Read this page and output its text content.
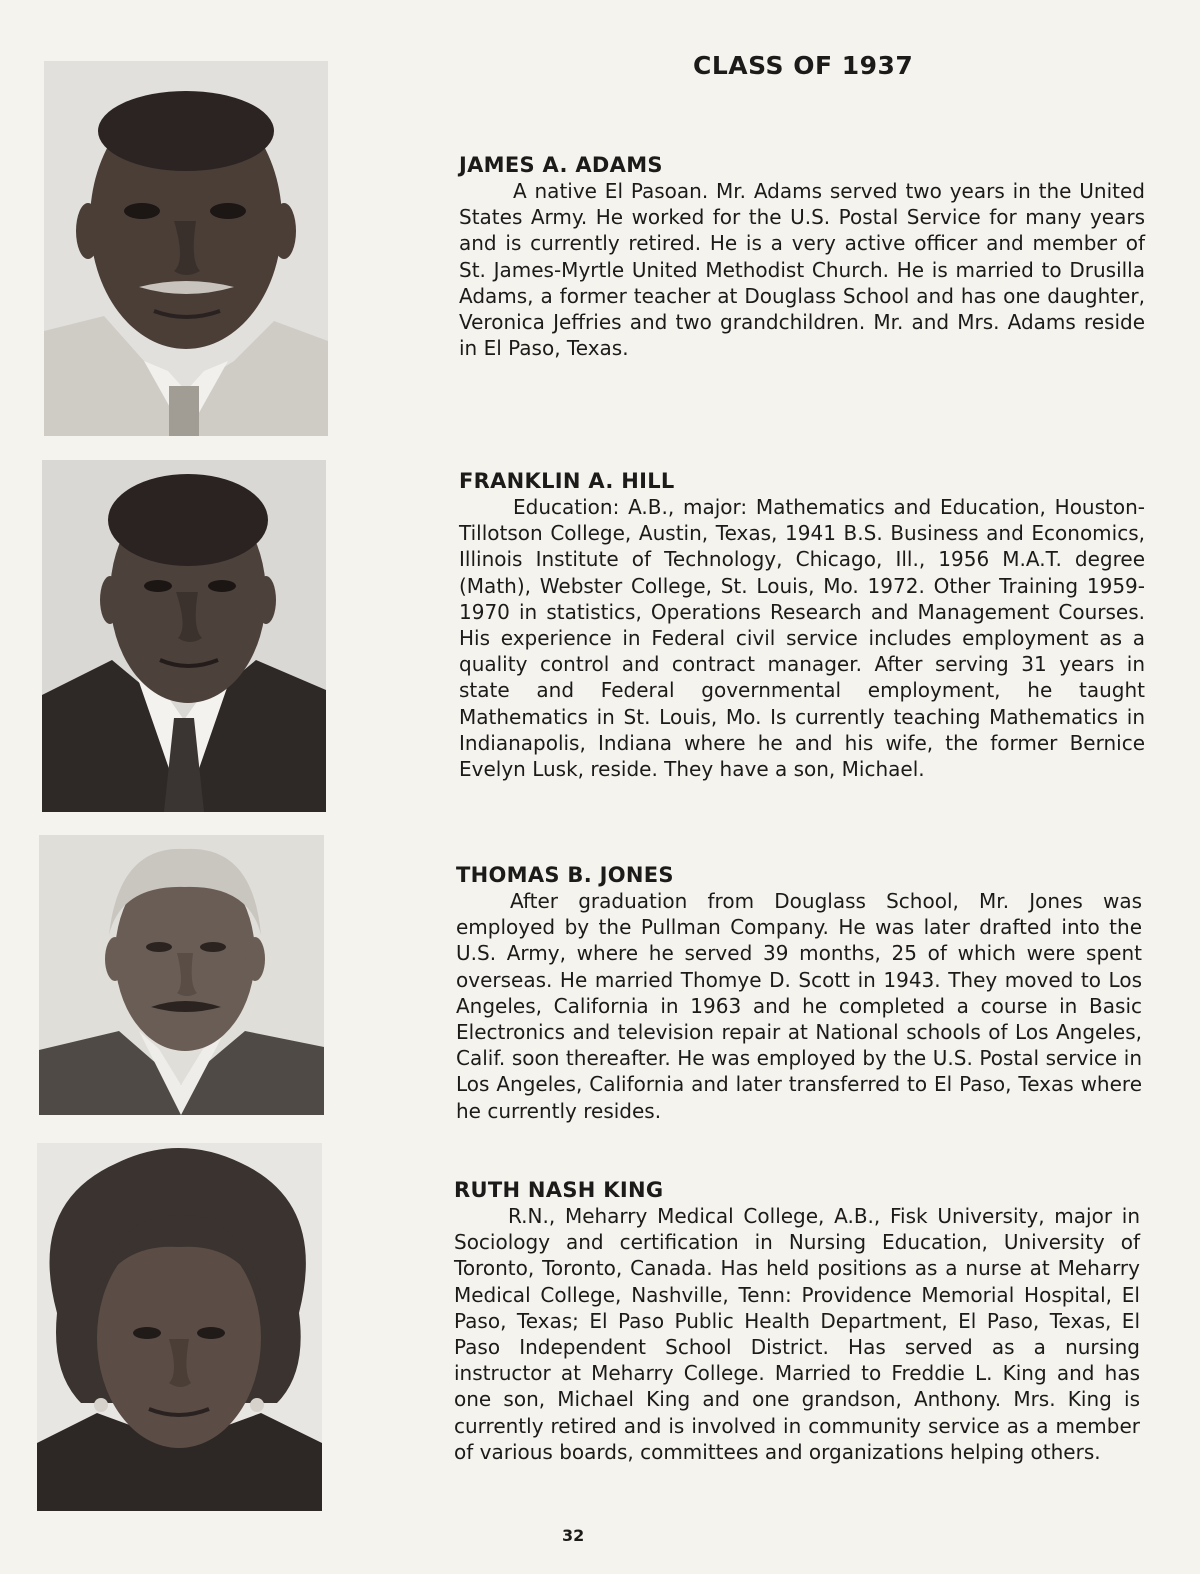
CLASS OF 1937
JAMES A. ADAMS

A native El Pasoan. Mr. Adams served two years in the United States Army. He worked for the U.S. Postal Service for many years and is currently retired. He is a very active officer and member of St. James-Myrtle United Methodist Church. He is married to Drusilla Adams, a former teacher at Douglass School and has one daughter, Veronica Jeffries and two grandchildren. Mr. and Mrs. Adams reside in El Paso, Texas.

FRANKLIN A. HILL

Education: A.B., major: Mathematics and Education, Houston-Tillotson College, Austin, Texas, 1941 B.S. Business and Economics, Illinois Institute of Technology, Chicago, Ill., 1956 M.A.T. degree (Math), Webster College, St. Louis, Mo. 1972. Other Training 1959-1970 in statistics, Operations Research and Management Courses. His experience in Federal civil service includes employment as a quality control and contract manager. After serving 31 years in state and Federal governmental employment, he taught Mathematics in St. Louis, Mo. Is currently teaching Mathematics in Indianapolis, Indiana where he and his wife, the former Bernice Evelyn Lusk, reside. They have a son, Michael.

THOMAS B. JONES

After graduation from Douglass School, Mr. Jones was employed by the Pullman Company. He was later drafted into the U.S. Army, where he served 39 months, 25 of which were spent overseas. He married Thomye D. Scott in 1943. They moved to Los Angeles, California in 1963 and he completed a course in Basic Electronics and television repair at National schools of Los Angeles, Calif. soon thereafter. He was employed by the U.S. Postal service in Los Angeles, California and later transferred to El Paso, Texas where he currently resides.

RUTH NASH KING

R.N., Meharry Medical College, A.B., Fisk University, major in Sociology and certification in Nursing Education, University of Toronto, Toronto, Canada. Has held positions as a nurse at Meharry Medical College, Nashville, Tenn: Providence Memorial Hospital, El Paso, Texas; El Paso Public Health Department, El Paso, Texas, El Paso Independent School District. Has served as a nursing instructor at Meharry College. Married to Freddie L. King and has one son, Michael King and one grandson, Anthony. Mrs. King is currently retired and is involved in community service as a member of various boards, committees and organizations helping others.

32
